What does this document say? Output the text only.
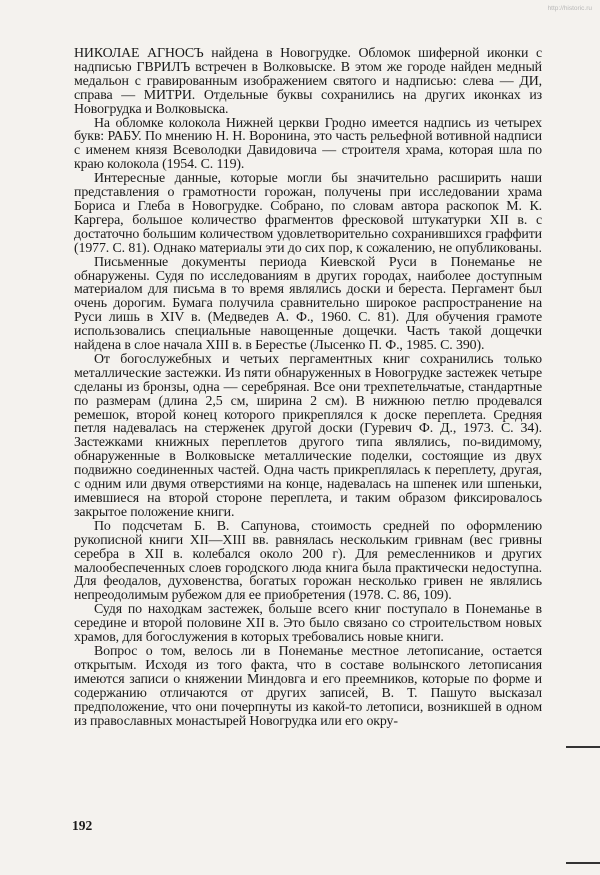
http://historic.ru

НИКОЛАЕ АГНОСЪ найдена в Новогрудке. Обломок шиферной иконки с надписью ГВРИЛЪ встречен в Волковыске. В этом же городе найден медный медальон с гравированным изображением святого и надписью: слева — ДИ, справа — МИТРИ. Отдельные буквы сохранились на других иконках из Новогрудка и Волковыска.

На обломке колокола Нижней церкви Гродно имеется надпись из четырех букв: РАБУ. По мнению Н. Н. Воронина, это часть рельефной вотивной надписи с именем князя Всеволодки Давидовича — строителя храма, которая шла по краю колокола (1954. С. 119).

Интересные данные, которые могли бы значительно расширить наши представления о грамотности горожан, получены при исследовании храма Бориса и Глеба в Новогрудке. Собрано, по словам автора раскопок М. К. Каргера, большое количество фрагментов фресковой штукатурки XII в. с достаточно большим количеством удовлетворительно сохранившихся граффити (1977. С. 81). Однако материалы эти до сих пор, к сожалению, не опубликованы.

Письменные документы периода Киевской Руси в Понеманье не обнаружены. Судя по исследованиям в других городах, наиболее доступным материалом для письма в то время являлись доски и береста. Пергамент был очень дорогим. Бумага получила сравнительно широкое распространение на Руси лишь в XIV в. (Медведев А. Ф., 1960. С. 81). Для обучения грамоте использовались специальные навощенные дощечки. Часть такой дощечки найдена в слое начала XIII в. в Берестье (Лысенко П. Ф., 1985. С. 390).

От богослужебных и четьих пергаментных книг сохранились только металлические застежки. Из пяти обнаруженных в Новогрудке застежек четыре сделаны из бронзы, одна — серебряная. Все они трехпетельчатые, стандартные по размерам (длина 2,5 см, ширина 2 см). В нижнюю петлю продевался ремешок, второй конец которого прикреплялся к доске переплета. Средняя петля надевалась на стерженек другой доски (Гуревич Ф. Д., 1973. С. 34). Застежками книжных переплетов другого типа являлись, по-видимому, обнаруженные в Волковыске металлические поделки, состоящие из двух подвижно соединенных частей. Одна часть прикреплялась к переплету, другая, с одним или двумя отверстиями на конце, надевалась на шпенек или шпеньки, имевшиеся на второй стороне переплета, и таким образом фиксировалось закрытое положение книги.

По подсчетам Б. В. Сапунова, стоимость средней по оформлению рукописной книги XII—XIII вв. равнялась нескольким гривнам (вес гривны серебра в XII в. колебался около 200 г). Для ремесленников и других малообеспеченных слоев городского люда книга была практически недоступна. Для феодалов, духовенства, богатых горожан несколько гривен не являлись непреодолимым рубежом для ее приобретения (1978. С. 86, 109).

Судя по находкам застежек, больше всего книг поступало в Понеманье в середине и второй половине XII в. Это было связано со строительством новых храмов, для богослужения в которых требовались новые книги.

Вопрос о том, велось ли в Понеманье местное летописание, остается открытым. Исходя из того факта, что в составе волынского летописания имеются записи о княжении Миндовга и его преемников, которые по форме и содержанию отличаются от других записей, В. Т. Пашуто высказал предположение, что они почерпнуты из какой-то летописи, возникшей в одном из православных монастырей Новогрудка или его окру-

192
